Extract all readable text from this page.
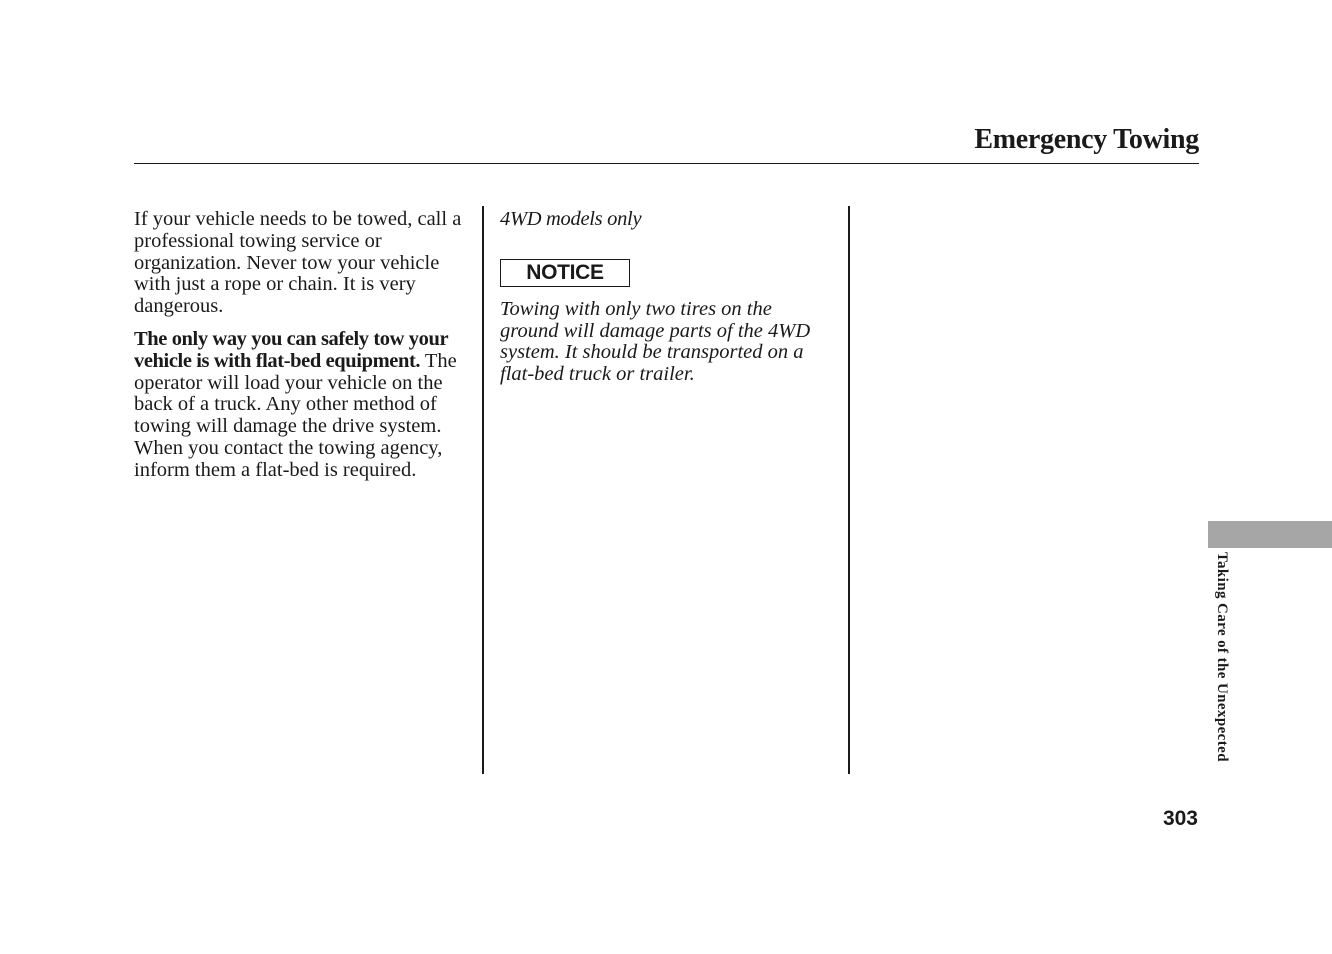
Emergency Towing

If your vehicle needs to be towed, call a professional towing service or organization. Never tow your vehicle with just a rope or chain. It is very dangerous.

The only way you can safely tow your vehicle is with flat-bed equipment. The operator will load your vehicle on the back of a truck. Any other method of towing will damage the drive system. When you contact the towing agency, inform them a flat-bed is required.

4WD models only

NOTICE

Towing with only two tires on the ground will damage parts of the 4WD system. It should be transported on a flat-bed truck or trailer.

Taking Care of the Unexpected
303
